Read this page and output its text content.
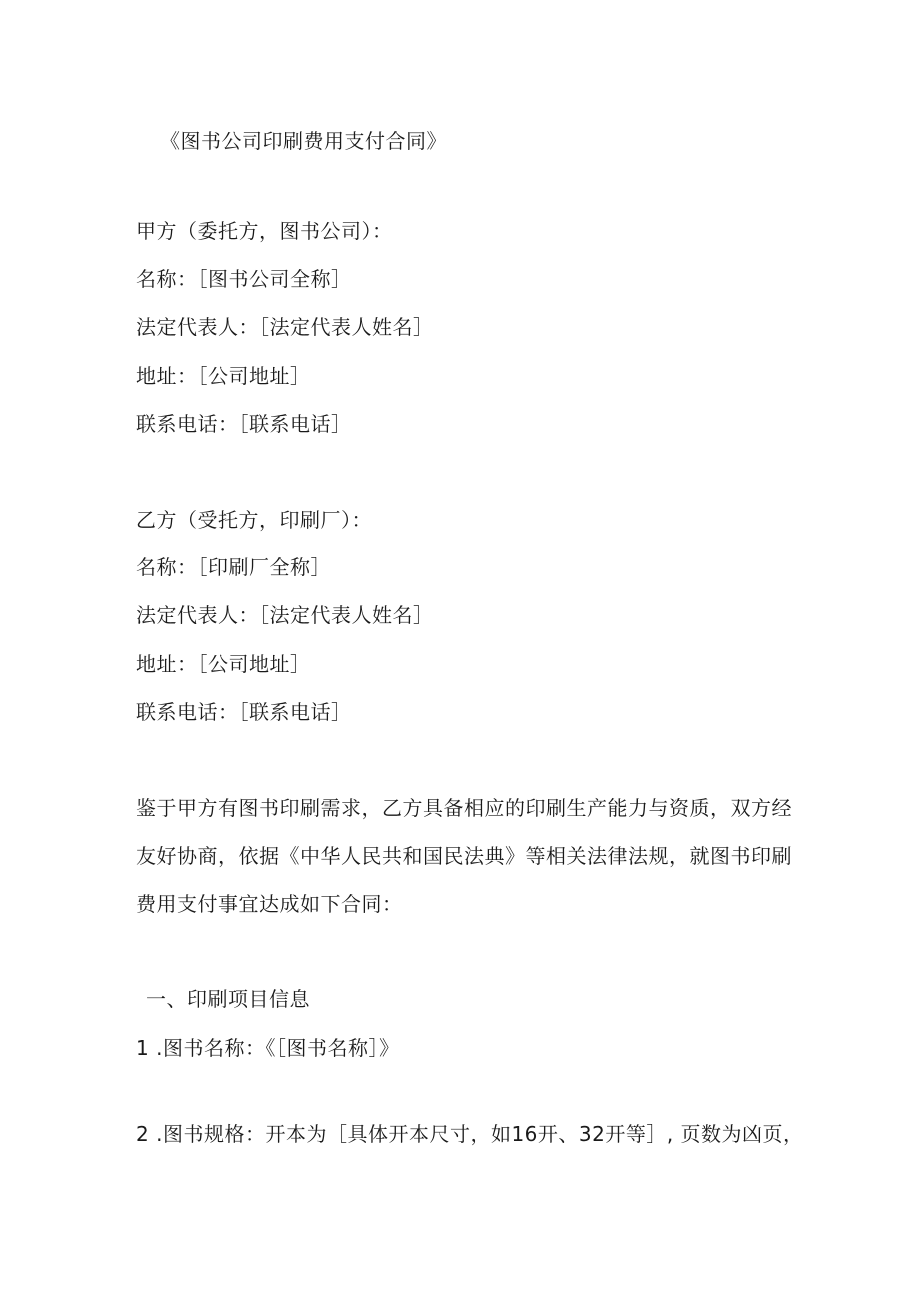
《图书公司印刷费用支付合同》
甲方（委托方，图书公司）：
名称：［图书公司全称］
法定代表人：［法定代表人姓名］
地址：［公司地址］
联系电话：［联系电话］
乙方（受托方，印刷厂）：
名称：［印刷厂全称］
法定代表人：［法定代表人姓名］
地址：［公司地址］
联系电话：［联系电话］
鉴于甲方有图书印刷需求，乙方具备相应的印刷生产能力与资质，双方经
友好协商，依据《中华人民共和国民法典》等相关法律法规，就图书印刷
费用支付事宜达成如下合同：
一、印刷项目信息
1 .图书名称：《［图书名称］》
2 .图书规格：开本为［具体开本尺寸，如16开、32开等］, 页数为凶页，
